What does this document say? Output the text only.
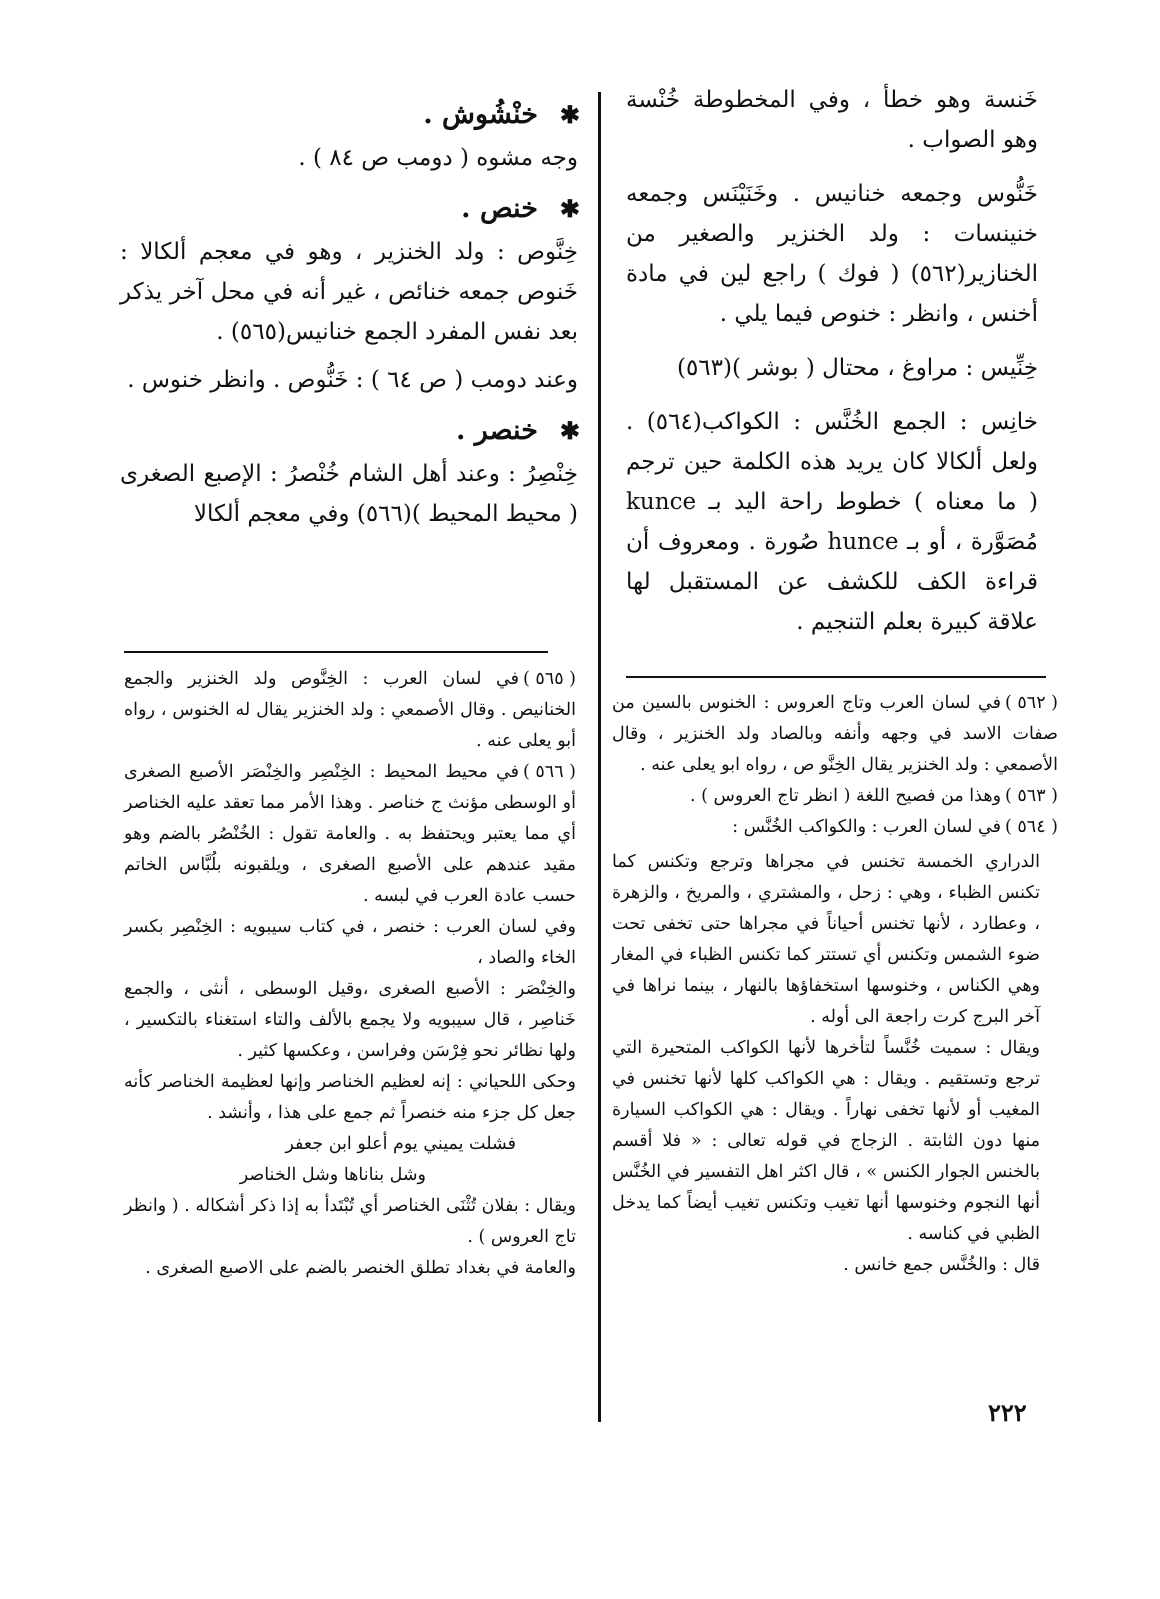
خَنسة وهو خطأ ، وفي المخطوطة خُنْسة وهو الصواب .

خَنُّوس وجمعه خنانيس . وخَنَيْنَس وجمعه خنينسات : ولد الخنزير والصغير من الخنازير(٥٦٢) ( فوك ) راجع لين في مادة أخنس ، وانظر : خنوص فيما يلي .

خِنِّيس : مراوغ ، محتال ( بوشر )(٥٦٣)

خانِس : الجمع الخُنَّس : الكواكب(٥٦٤) . ولعل ألكالا كان يريد هذه الكلمة حين ترجم ( ما معناه ) خطوط راحة اليد بـ kunce مُصَوَّرة ، أو بـ hunce صُورة . ومعروف أن قراءة الكف للكشف عن المستقبل لها علاقة كبيرة بعلم التنجيم .

✱خنْشُوش .

وجه مشوه ( دومب ص ٨٤ ) .

✱خنص .

خِنَّوص : ولد الخنزير ، وهو في معجم ألكالا : خَنوص جمعه خنائص ، غير أنه في محل آخر يذكر بعد نفس المفرد الجمع خنانيس(٥٦٥) .

وعند دومب ( ص ٦٤ ) : خَنُّوص . وانظر خنوس .

✱خنصر .

خِنْصِرُ : وعند أهل الشام خُنْصرُ : الإصبع الصغرى ( محيط المحيط )(٥٦٦) وفي معجم ألكالا

( ٥٦٥ )في لسان العرب : الخِنَّوص ولد الخنزير والجمع الخنانيص . وقال الأصمعي : ولد الخنزير يقال له الخنوس ، رواه أبو يعلى عنه .

( ٥٦٦ )في محيط المحيط : الخِنْصِر والخِنْصَر الأصبع الصغرى أو الوسطى مؤنث ج خناصر . وهذا الأمر مما تعقد عليه الخناصر أي مما يعتبر ويحتفظ به . والعامة تقول : الخُنْصُر بالضم وهو مقيد عندهم على الأصبع الصغرى ، ويلقبونه بلُبَّاس الخاتم حسب عادة العرب في لبسه .

وفي لسان العرب : خنصر ، في كتاب سيبويه : الخِنْصِر بكسر الخاء والصاد ،

والخِنْصَر : الأصبع الصغرى ،وقيل الوسطى ، أنثى ، والجمع خَناصِر ، قال سيبويه ولا يجمع بالألف والتاء استغناء بالتكسير ، ولها نظائر نحو فِرْسَن وفراسن ، وعكسها كثير .

وحكى اللحياني : إنه لعظيم الخناصر وإنها لعظيمة الخناصر كأنه جعل كل جزء منه خنصراً ثم جمع على هذا ، وأنشد .

فشلت يميني يوم أعلو ابن جعفر

وشل بناناها وشل الخناصر

ويقال : بفلان تُثْنَى الخناصر أي تُبْتَدأ به إذا ذكر أشكاله . ( وانظر تاج العروس ) .

والعامة في بغداد تطلق الخنصر بالضم على الاصبع الصغرى .

( ٥٦٢ )في لسان العرب وتاج العروس : الخنوس بالسين من صفات الاسد في وجهه وأنفه وبالصاد ولد الخنزير ، وقال الأصمعي : ولد الخنزير يقال الخِنَّو ص ، رواه ابو يعلى عنه .

( ٥٦٣ )وهذا من فصيح اللغة ( انظر تاج العروس ) .

( ٥٦٤ )في لسان العرب : والكواكب الخُنَّس :

الدراري الخمسة تخنس في مجراها وترجع وتكنس كما تكنس الظباء ، وهي : زحل ، والمشتري ، والمريخ ، والزهرة ، وعطارد ، لأنها تخنس أحياناً في مجراها حتى تخفى تحت ضوء الشمس وتكنس أي تستتر كما تكنس الظباء في المغار وهي الكناس ، وخنوسها استخفاؤها بالنهار ، بينما نراها في آخر البرج كرت راجعة الى أوله .

ويقال : سميت خُنَّساً لتأخرها لأنها الكواكب المتحيرة التي ترجع وتستقيم . ويقال : هي الكواكب كلها لأنها تخنس في المغيب أو لأنها تخفى نهاراً . ويقال : هي الكواكب السيارة منها دون الثابتة . الزجاج في قوله تعالى : « فلا أقسم بالخنس الجوار الكنس » ، قال اكثر اهل التفسير في الخُنَّس أنها النجوم وخنوسها أنها تغيب وتكنس تغيب أيضاً كما يدخل الظبي في كناسه .

قال : والخُنَّس جمع خانس .

٢٢٢
